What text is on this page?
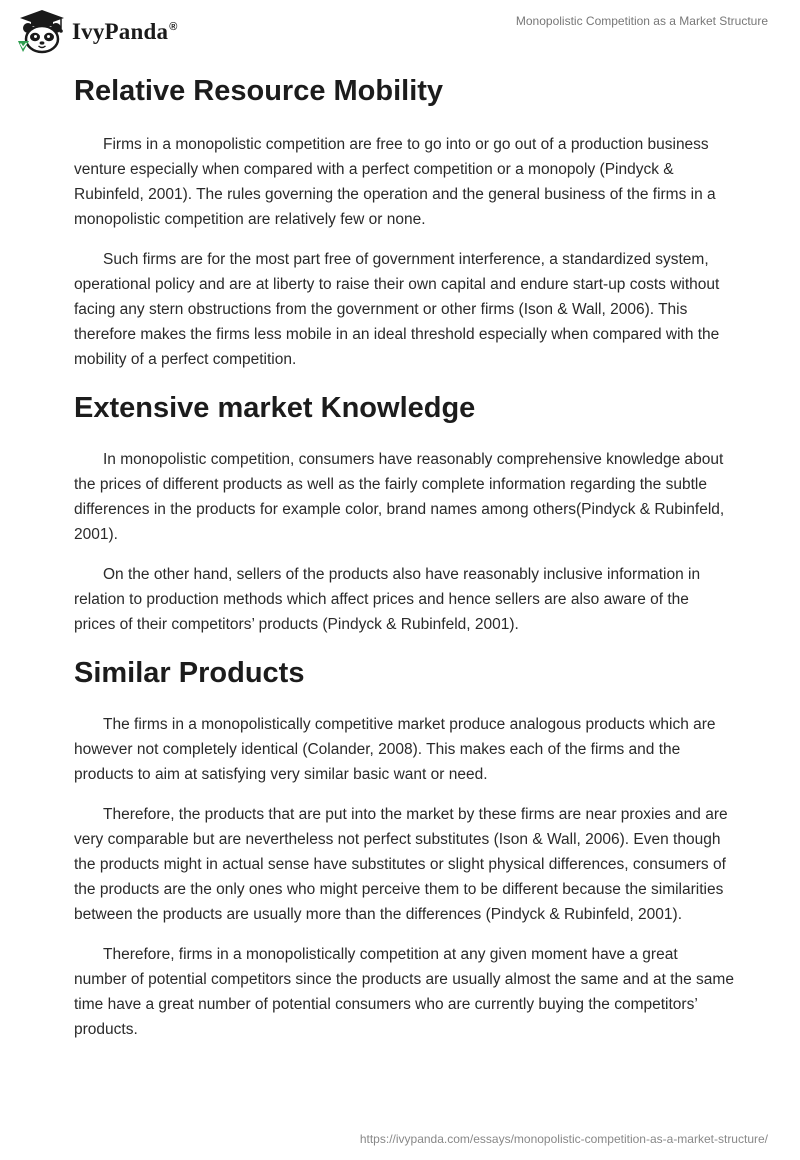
IvyPanda®	Monopolistic Competition as a Market Structure
Relative Resource Mobility

Firms in a monopolistic competition are free to go into or go out of a production business venture especially when compared with a perfect competition or a monopoly (Pindyck & Rubinfeld, 2001). The rules governing the operation and the general business of the firms in a monopolistic competition are relatively few or none.

Such firms are for the most part free of government interference, a standardized system, operational policy and are at liberty to raise their own capital and endure start-up costs without facing any stern obstructions from the government or other firms (Ison & Wall, 2006). This therefore makes the firms less mobile in an ideal threshold especially when compared with the mobility of a perfect competition.

Extensive market Knowledge

In monopolistic competition, consumers have reasonably comprehensive knowledge about the prices of different products as well as the fairly complete information regarding the subtle differences in the products for example color, brand names among others(Pindyck & Rubinfeld, 2001).

On the other hand, sellers of the products also have reasonably inclusive information in relation to production methods which affect prices and hence sellers are also aware of the prices of their competitors’ products (Pindyck & Rubinfeld, 2001).

Similar Products

The firms in a monopolistically competitive market produce analogous products which are however not completely identical (Colander, 2008). This makes each of the firms and the products to aim at satisfying very similar basic want or need.

Therefore, the products that are put into the market by these firms are near proxies and are very comparable but are nevertheless not perfect substitutes (Ison & Wall, 2006). Even though the products might in actual sense have substitutes or slight physical differences, consumers of the products are the only ones who might perceive them to be different because the similarities between the products are usually more than the differences (Pindyck & Rubinfeld, 2001).

Therefore, firms in a monopolistically competition at any given moment have a great number of potential competitors since the products are usually almost the same and at the same time have a great number of potential consumers who are currently buying the competitors’ products.

https://ivypanda.com/essays/monopolistic-competition-as-a-market-structure/
